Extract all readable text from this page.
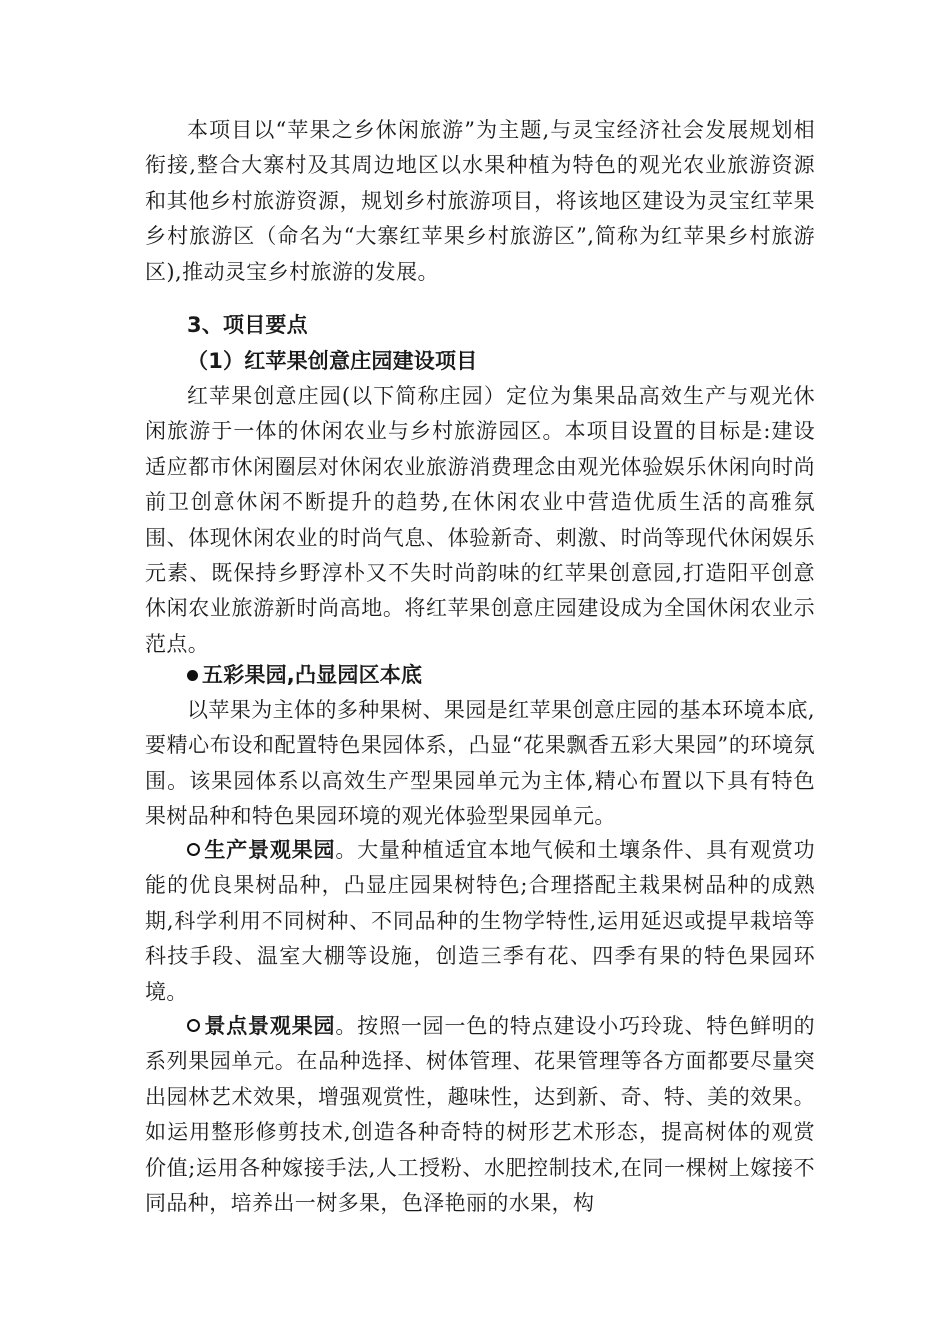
本项目以“苹果之乡休闲旅游”为主题,与灵宝经济社会发展规划相衔接,整合大寨村及其周边地区以水果种植为特色的观光农业旅游资源和其他乡村旅游资源，规划乡村旅游项目，将该地区建设为灵宝红苹果乡村旅游区（命名为“大寨红苹果乡村旅游区”,简称为红苹果乡村旅游区),推动灵宝乡村旅游的发展。

3、项目要点

（1）红苹果创意庄园建设项目

红苹果创意庄园(以下简称庄园）定位为集果品高效生产与观光休闲旅游于一体的休闲农业与乡村旅游园区。本项目设置的目标是:建设适应都市休闲圈层对休闲农业旅游消费理念由观光体验娱乐休闲向时尚前卫创意休闲不断提升的趋势,在休闲农业中营造优质生活的高雅氛围、体现休闲农业的时尚气息、体验新奇、刺激、时尚等现代休闲娱乐元素、既保持乡野淳朴又不失时尚韵味的红苹果创意园,打造阳平创意休闲农业旅游新时尚高地。将红苹果创意庄园建设成为全国休闲农业示范点。

五彩果园,凸显园区本底

以苹果为主体的多种果树、果园是红苹果创意庄园的基本环境本底,要精心布设和配置特色果园体系，凸显“花果飘香五彩大果园”的环境氛围。该果园体系以高效生产型果园单元为主体,精心布置以下具有特色果树品种和特色果园环境的观光体验型果园单元。

生产景观果园。大量种植适宜本地气候和土壤条件、具有观赏功能的优良果树品种，凸显庄园果树特色;合理搭配主栽果树品种的成熟期,科学利用不同树种、不同品种的生物学特性,运用延迟或提早栽培等科技手段、温室大棚等设施，创造三季有花、四季有果的特色果园环境。

景点景观果园。按照一园一色的特点建设小巧玲珑、特色鲜明的系列果园单元。在品种选择、树体管理、花果管理等各方面都要尽量突出园林艺术效果，增强观赏性，趣味性，达到新、奇、特、美的效果。如运用整形修剪技术,创造各种奇特的树形艺术形态，提高树体的观赏价值;运用各种嫁接手法,人工授粉、水肥控制技术,在同一棵树上嫁接不同品种，培养出一树多果，色泽艳丽的水果，构
